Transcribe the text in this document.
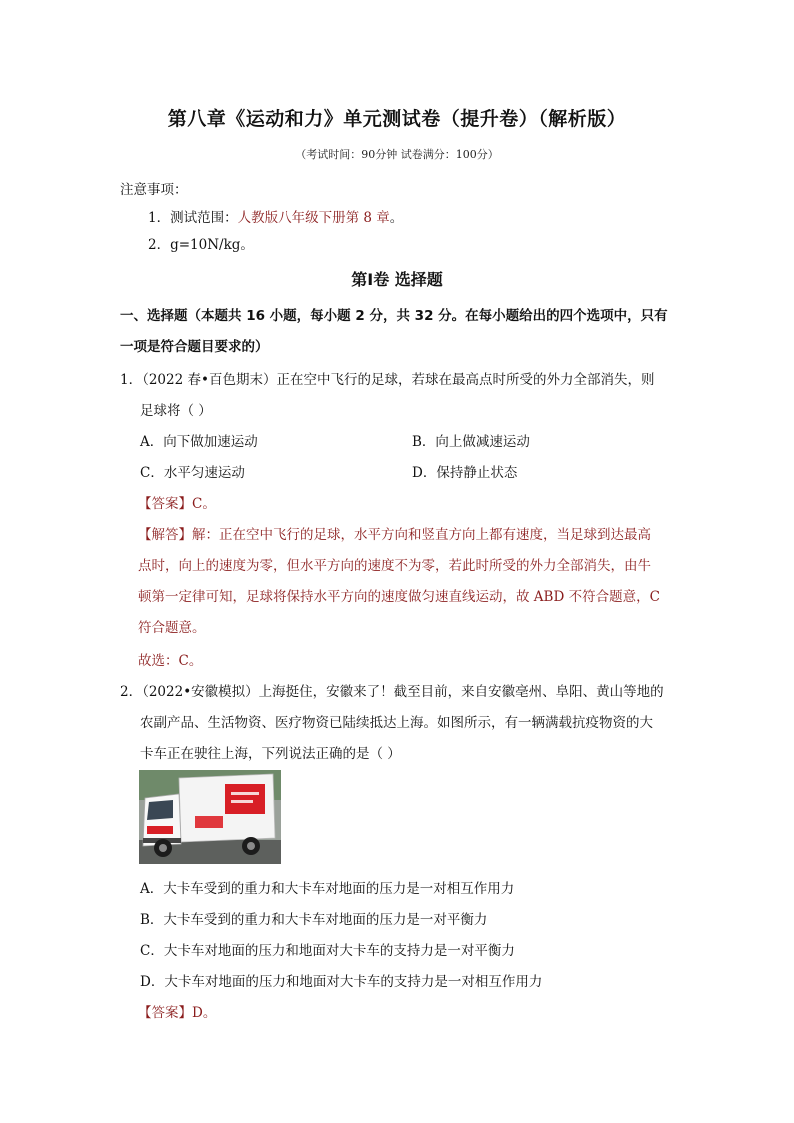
第八章《运动和力》单元测试卷（提升卷）（解析版）
（考试时间：90分钟 试卷满分：100分）
注意事项：
1．测试范围：人教版八年级下册第 8 章。
2．g=10N/kg。
第Ⅰ卷 选择题
一、选择题（本题共 16 小题，每小题 2 分，共 32 分。在每小题给出的四个选项中，只有
一项是符合题目要求的）
1．（2022 春•百色期末）正在空中飞行的足球，若球在最高点时所受的外力全部消失，则
足球将（ ）
A．向下做加速运动	B．向上做减速运动
C．水平匀速运动	D．保持静止状态
【答案】C。
【解答】解：正在空中飞行的足球，水平方向和竖直方向上都有速度，当足球到达最高
点时，向上的速度为零，但水平方向的速度不为零，若此时所受的外力全部消失，由牛
顿第一定律可知，足球将保持水平方向的速度做匀速直线运动，故 ABD 不符合题意，C
符合题意。
故选：C。
2．（2022•安徽模拟）上海挺住，安徽来了！截至目前，来自安徽亳州、阜阳、黄山等地的
农副产品、生活物资、医疗物资已陆续抵达上海。如图所示，有一辆满载抗疫物资的大
卡车正在驶往上海，下列说法正确的是（ ）
A．大卡车受到的重力和大卡车对地面的压力是一对相互作用力
B．大卡车受到的重力和大卡车对地面的压力是一对平衡力
C．大卡车对地面的压力和地面对大卡车的支持力是一对平衡力
D．大卡车对地面的压力和地面对大卡车的支持力是一对相互作用力
【答案】D。
